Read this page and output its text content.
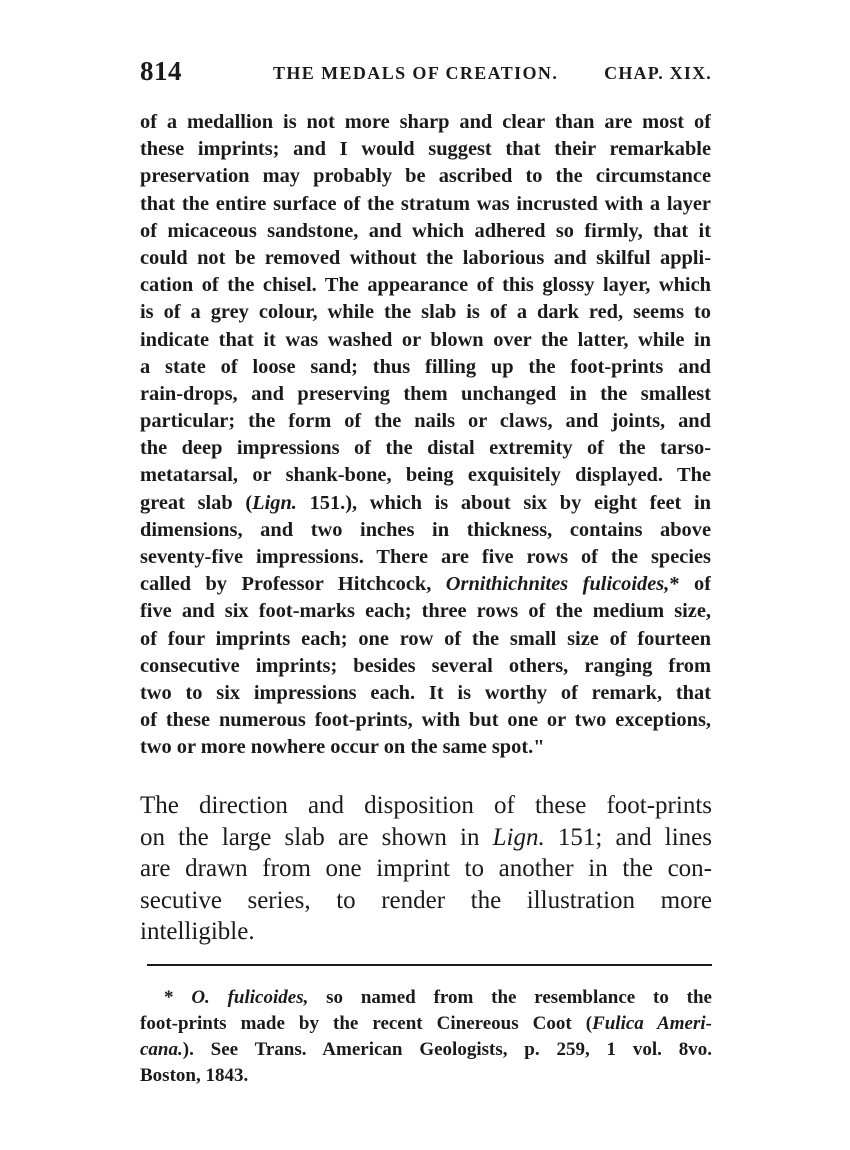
814	THE MEDALS OF CREATION.	CHAP. XIX.
of a medallion is not more sharp and clear than are most of
these imprints; and I would suggest that their remarkable
preservation may probably be ascribed to the circumstance
that the entire surface of the stratum was incrusted with a layer
of micaceous sandstone, and which adhered so firmly, that it
could not be removed without the laborious and skilful appli-
cation of the chisel. The appearance of this glossy layer, which
is of a grey colour, while the slab is of a dark red, seems to
indicate that it was washed or blown over the latter, while in
a state of loose sand; thus filling up the foot-prints and
rain-drops, and preserving them unchanged in the smallest
particular; the form of the nails or claws, and joints, and
the deep impressions of the distal extremity of the tarso-
metatarsal, or shank-bone, being exquisitely displayed. The
great slab (Lign. 151.), which is about six by eight feet in
dimensions, and two inches in thickness, contains above
seventy-five impressions. There are five rows of the species
called by Professor Hitchcock, Ornithichnites fulicoides,* of
five and six foot-marks each; three rows of the medium size,
of four imprints each; one row of the small size of fourteen
consecutive imprints; besides several others, ranging from
two to six impressions each. It is worthy of remark, that
of these numerous foot-prints, with but one or two exceptions,
two or more nowhere occur on the same spot."
The direction and disposition of these foot-prints
on the large slab are shown in Lign. 151; and lines
are drawn from one imprint to another in the con-
secutive series, to render the illustration more
intelligible.
* O. fulicoides, so named from the resemblance to the
foot-prints made by the recent Cinereous Coot (Fulica Ameri-
cana.). See Trans. American Geologists, p. 259, 1 vol. 8vo.
Boston, 1843.
